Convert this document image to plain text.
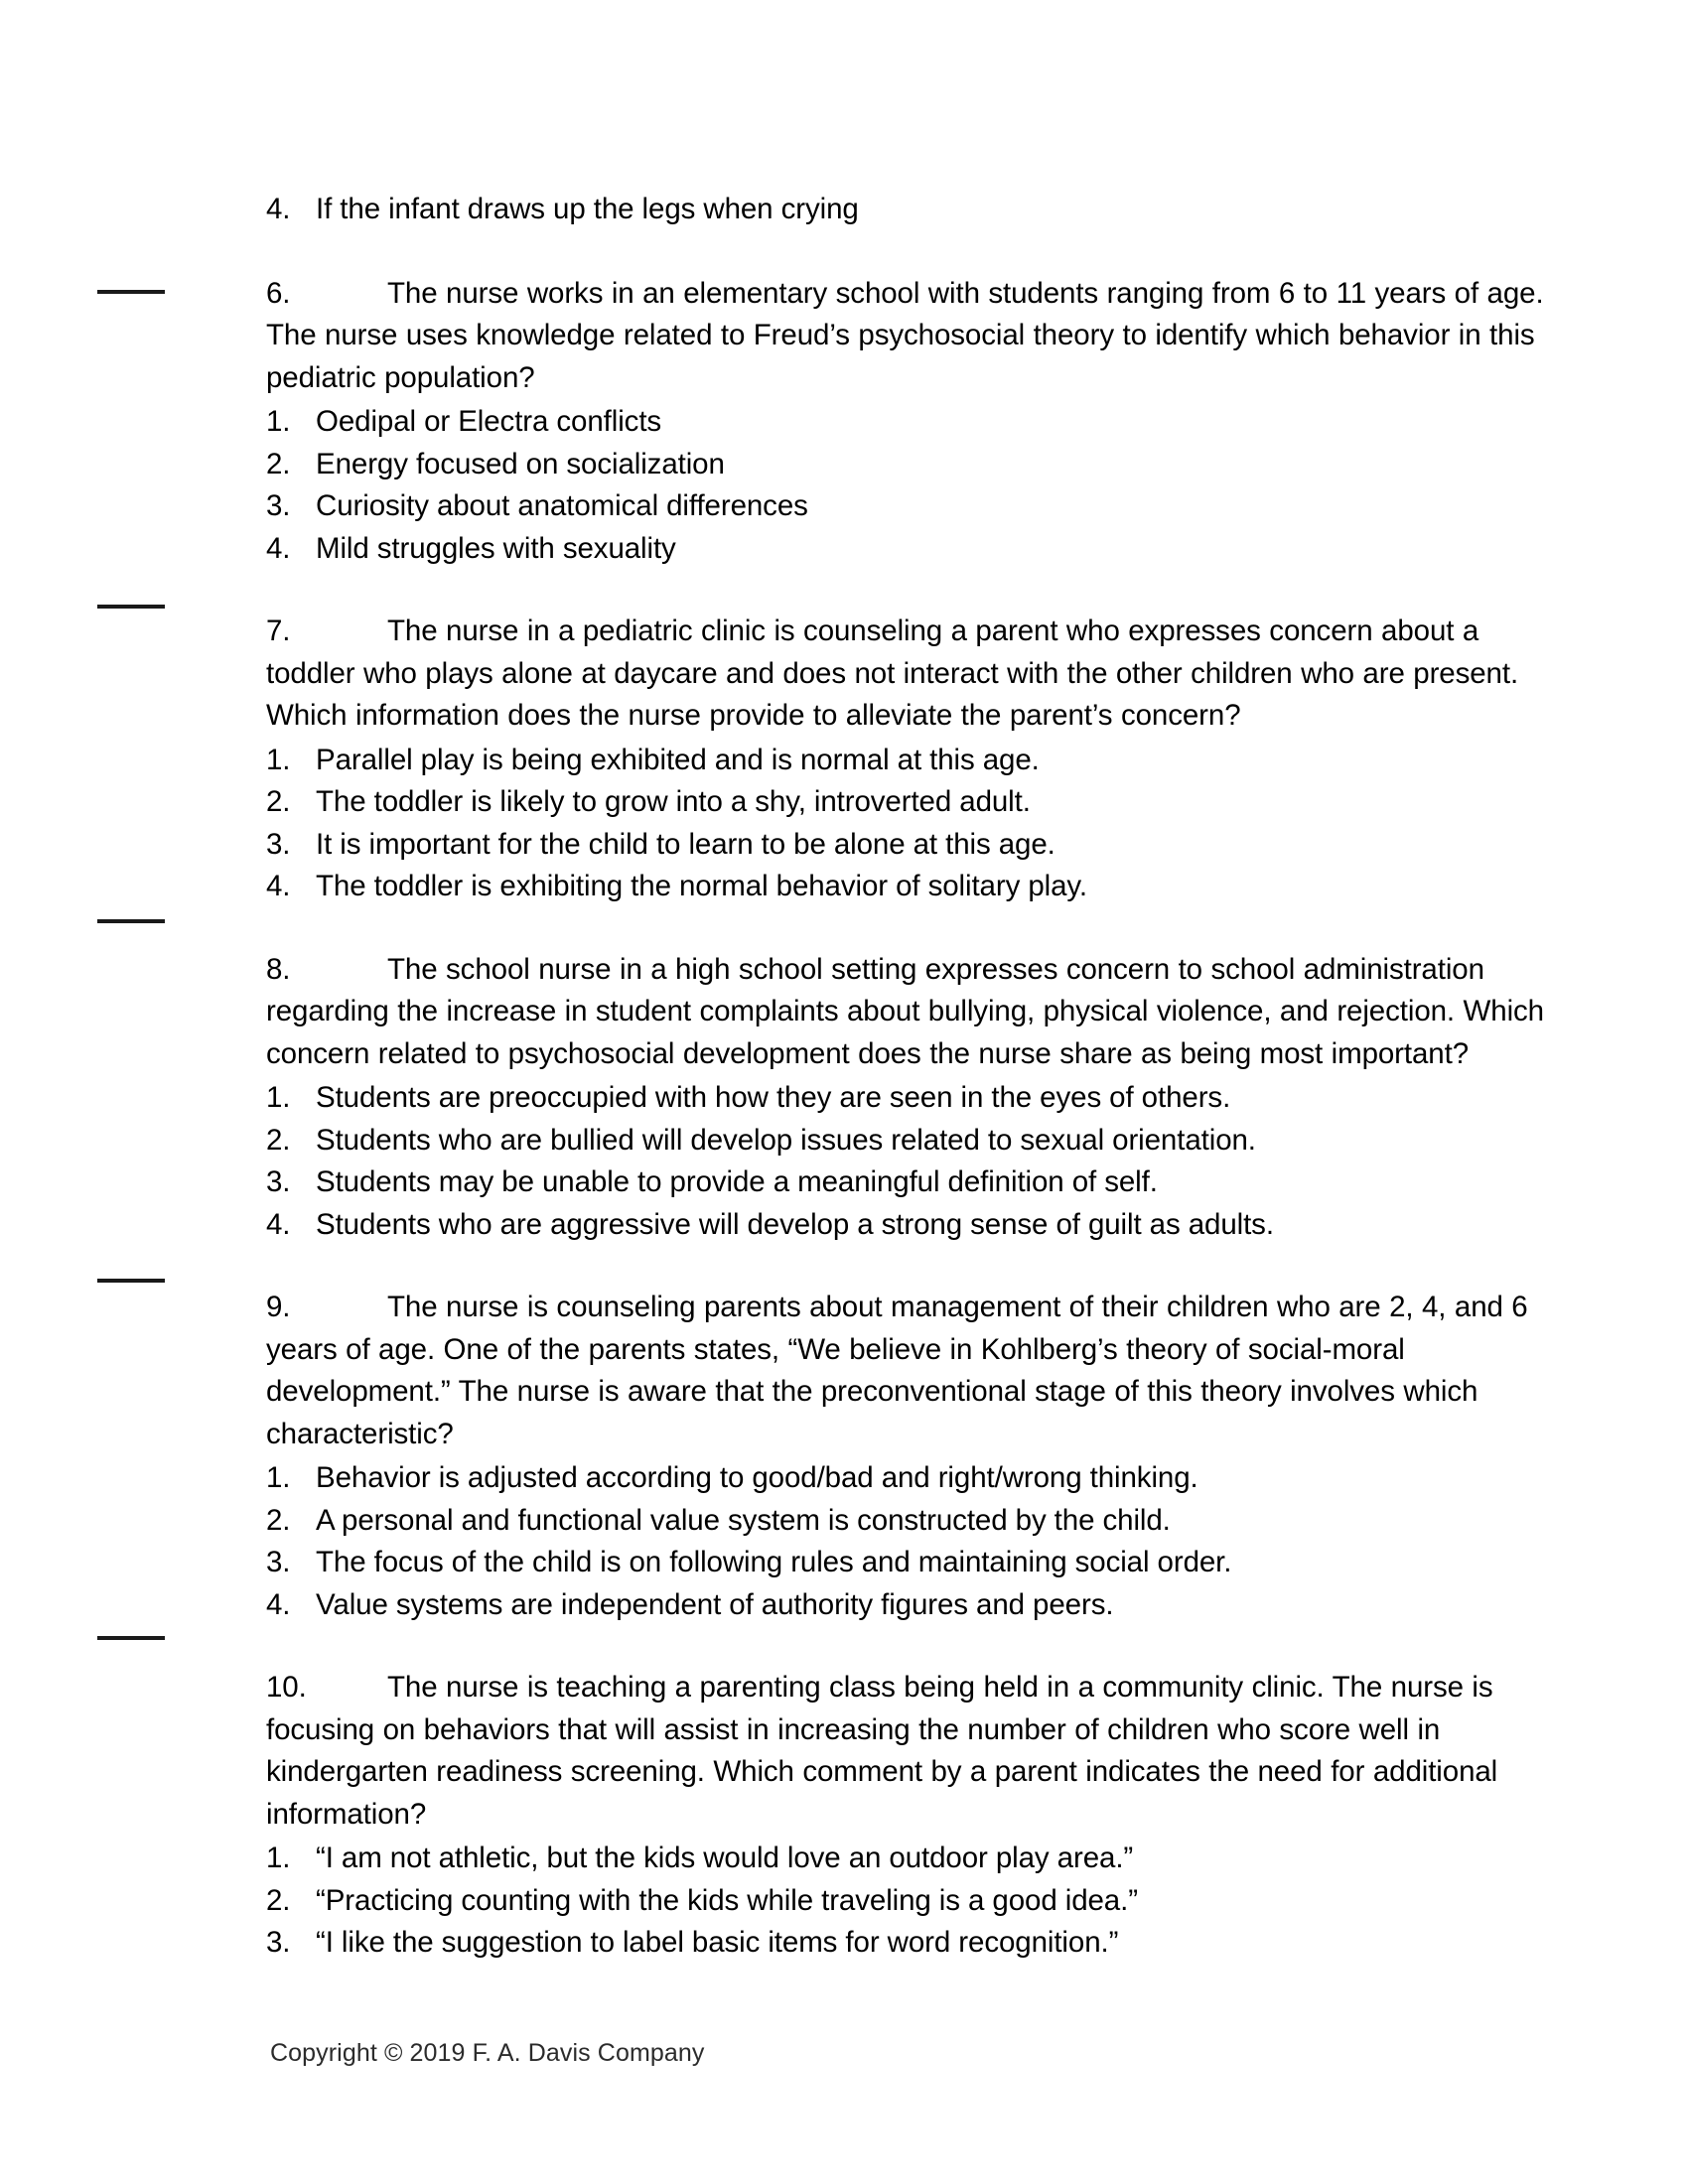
4. If the infant draws up the legs when crying

6.	The nurse works in an elementary school with students ranging from 6 to 11 years of age. The nurse uses knowledge related to Freud’s psychosocial theory to identify which behavior in this pediatric population?

1. Oedipal or Electra conflicts
2. Energy focused on socialization
3. Curiosity about anatomical differences
4. Mild struggles with sexuality

7.	The nurse in a pediatric clinic is counseling a parent who expresses concern about a toddler who plays alone at daycare and does not interact with the other children who are present. Which information does the nurse provide to alleviate the parent’s concern?

1. Parallel play is being exhibited and is normal at this age.
2. The toddler is likely to grow into a shy, introverted adult.
3. It is important for the child to learn to be alone at this age.
4. The toddler is exhibiting the normal behavior of solitary play.

8.	The school nurse in a high school setting expresses concern to school administration regarding the increase in student complaints about bullying, physical violence, and rejection. Which concern related to psychosocial development does the nurse share as being most important?

1. Students are preoccupied with how they are seen in the eyes of others.
2. Students who are bullied will develop issues related to sexual orientation.
3. Students may be unable to provide a meaningful definition of self.
4. Students who are aggressive will develop a strong sense of guilt as adults.

9.	The nurse is counseling parents about management of their children who are 2, 4, and 6 years of age. One of the parents states, “We believe in Kohlberg’s theory of social-moral development.” The nurse is aware that the preconventional stage of this theory involves which characteristic?

1. Behavior is adjusted according to good/bad and right/wrong thinking.
2. A personal and functional value system is constructed by the child.
3. The focus of the child is on following rules and maintaining social order.
4. Value systems are independent of authority figures and peers.

10.	The nurse is teaching a parenting class being held in a community clinic. The nurse is focusing on behaviors that will assist in increasing the number of children who score well in kindergarten readiness screening. Which comment by a parent indicates the need for additional information?

1. “I am not athletic, but the kids would love an outdoor play area.”
2. “Practicing counting with the kids while traveling is a good idea.”
3. “I like the suggestion to label basic items for word recognition.”
Copyright © 2019 F. A. Davis Company
